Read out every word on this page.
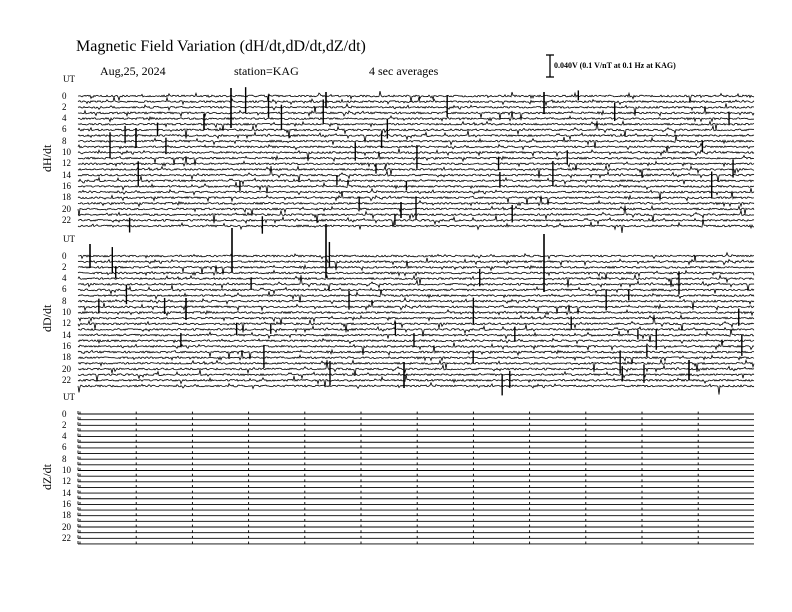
Magnetic Field Variation (dH/dt,dD/dt,dZ/dt)
Aug,25, 2024	station=KAG	4 sec averages	0.040V (0.1 V/nT at 0.1 Hz at KAG)
UT
UT
UT
dH/dt
dD/dt
dZ/dt
0
2
4
6
8
10
12
14
16
18
20
22
0
2
4
6
8
10
12
14
16
18
20
22
0
2
4
6
8
10
12
14
16
18
20
22
